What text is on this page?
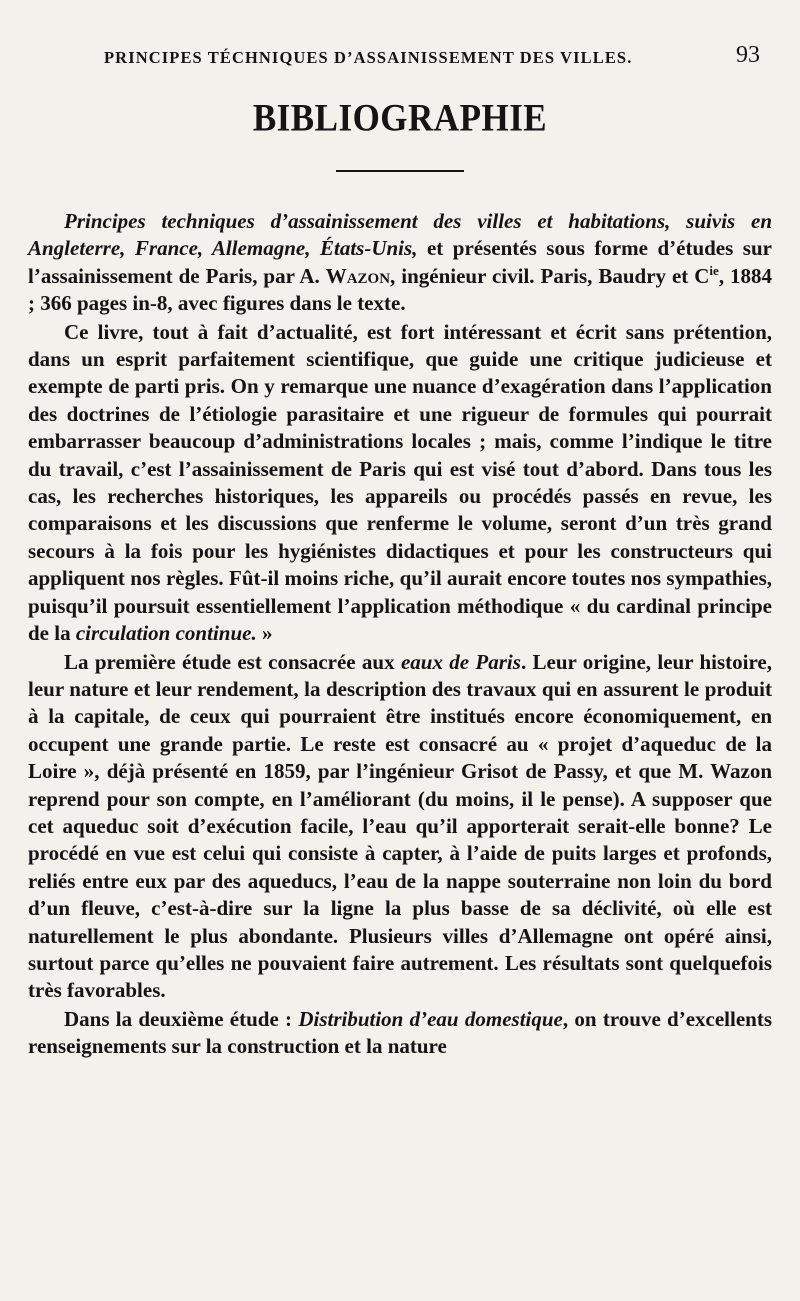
PRINCIPES TÉCHNIQUES D’ASSAINISSEMENT DES VILLES.	93
BIBLIOGRAPHIE

Principes techniques d’assainissement des villes et habitations, suivis en Angleterre, France, Allemagne, États-Unis, et présentés sous forme d’études sur l’assainissement de Paris, par A. Wazon, ingénieur civil. Paris, Baudry et $C^{ie}$, 1884 ; 366 pages in-8, avec figures dans le texte.

Ce livre, tout à fait d’actualité, est fort intéressant et écrit sans prétention, dans un esprit parfaitement scientifique, que guide une critique judicieuse et exempte de parti pris. On y remarque une nuance d’exagération dans l’application des doctrines de l’étiologie parasitaire et une rigueur de formules qui pourrait embarrasser beaucoup d’administrations locales ; mais, comme l’indique le titre du travail, c’est l’assainissement de Paris qui est visé tout d’abord. Dans tous les cas, les recherches historiques, les appareils ou procédés passés en revue, les comparaisons et les discussions que renferme le volume, seront d’un très grand secours à la fois pour les hygiénistes didactiques et pour les constructeurs qui appliquent nos règles. Fût-il moins riche, qu’il aurait encore toutes nos sympathies, puisqu’il poursuit essentiellement l’application méthodique « du cardinal principe de la circulation continue. »

La première étude est consacrée aux eaux de Paris. Leur origine, leur histoire, leur nature et leur rendement, la description des travaux qui en assurent le produit à la capitale, de ceux qui pourraient être institués encore économiquement, en occupent une grande partie. Le reste est consacré au « projet d’aqueduc de la Loire », déjà présenté en 1859, par l’ingénieur Grisot de Passy, et que M. Wazon reprend pour son compte, en l’améliorant (du moins, il le pense). A supposer que cet aqueduc soit d’exécution facile, l’eau qu’il apporterait serait-elle bonne? Le procédé en vue est celui qui consiste à capter, à l’aide de puits larges et profonds, reliés entre eux par des aqueducs, l’eau de la nappe souterraine non loin du bord d’un fleuve, c’est-à-dire sur la ligne la plus basse de sa déclivité, où elle est naturellement le plus abondante. Plusieurs villes d’Allemagne ont opéré ainsi, surtout parce qu’elles ne pouvaient faire autrement. Les résultats sont quelquefois très favorables.

Dans la deuxième étude : Distribution d’eau domestique, on trouve d’excellents renseignements sur la construction et la nature
